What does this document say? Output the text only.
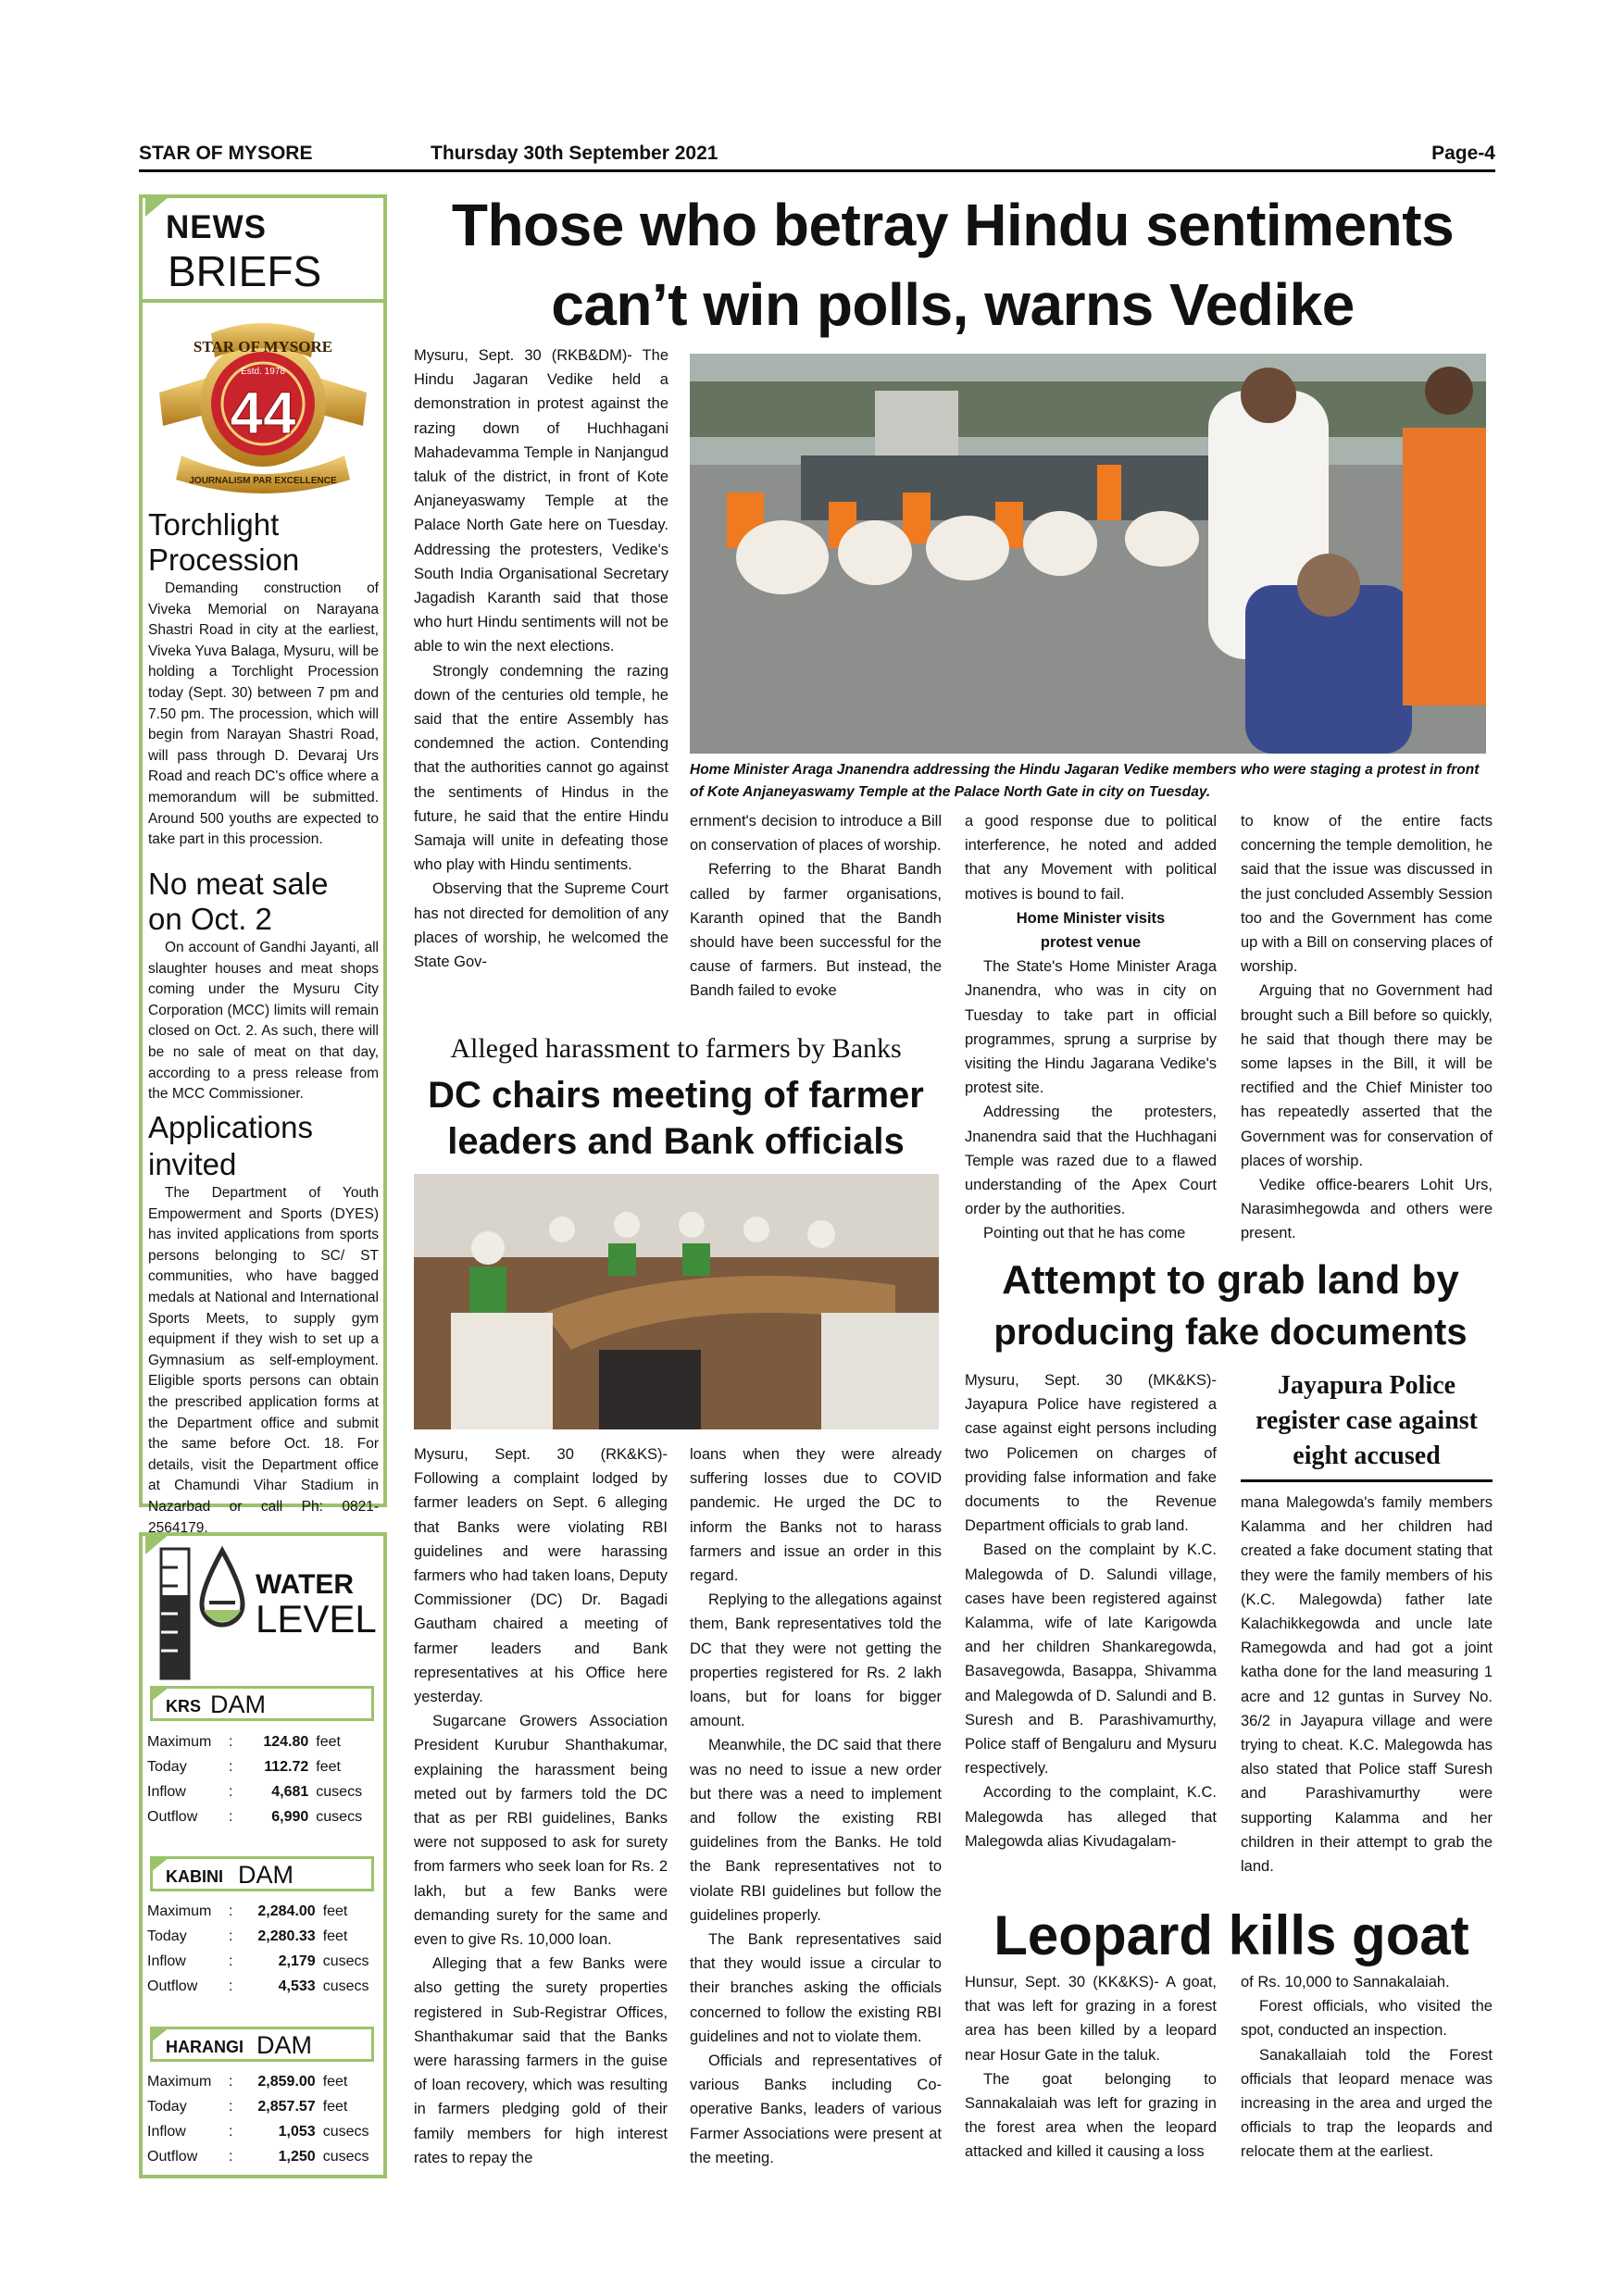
STAR OF MYSORE	Thursday 30th September 2021	Page-4
NEWS
BRIEFS
STAR OF MYSORE
Estd. 1978
44
JOURNALISM PAR EXCELLENCE

Torchlight

Procession

Demanding construction of Viveka Memorial on Narayana Shastri Road in city at the earliest, Viveka Yuva Balaga, Mysuru, will be holding a Torchlight Procession today (Sept. 30) between 7 pm and 7.50 pm. The procession, which will begin from Narayan Shastri Road, will pass through D. Devaraj Urs Road and reach DC's office where a memorandum will be submitted. Around 500 youths are expected to take part in this procession.

No meat sale

on Oct. 2

On account of Gandhi Jayanti, all slaughter houses and meat shops coming under the Mysuru City Corporation (MCC) limits will remain closed on Oct. 2. As such, there will be no sale of meat on that day, according to a press release from the MCC Commissioner.

Applications invited

The Department of Youth Empowerment and Sports (DYES) has invited applications from sports persons belonging to SC/ ST communities, who have bagged medals at National and International Sports Meets, to supply gym equipment if they wish to set up a Gymnasium as self-employment. Eligible sports persons can obtain the prescribed application forms at the Department office and submit the same before Oct. 18. For details, visit the Department office at Chamundi Vihar Stadium in Nazarbad or call Ph: 0821-2564179.

WATER
LEVEL
KRS DAM
KABINI DAM
HARANGI DAM
Maximum	:	124.80	feet
Today	:	112.72	feet
Inflow	:	4,681	cusecs
Outflow	:	6,990	cusecs
Maximum	:	2,284.00	feet
Today	:	2,280.33	feet
Inflow	:	2,179	cusecs
Outflow	:	4,533	cusecs
Maximum	:	2,859.00	feet
Today	:	2,857.57	feet
Inflow	:	1,053	cusecs
Outflow	:	1,250	cusecs
Those who betray Hindu sentiments
can’t win polls, warns Vedike

Mysuru, Sept. 30 (RKB&DM)- The Hindu Jagaran Vedike held a demonstration in protest against the razing down of Huchhagani Mahadevamma Temple in Nanjangud taluk of the district, in front of Kote Anjaneyaswamy Temple at the Palace North Gate here on Tuesday. Addressing the protesters, Vedike's South India Organisational Secretary Jagadish Karanth said that those who hurt Hindu sentiments will not be able to win the next elections.

Strongly condemning the razing down of the centuries old temple, he said that the entire Assembly has condemned the action. Contending that the authorities cannot go against the sentiments of Hindus in the future, he said that the entire Hindu Samaja will unite in defeating those who play with Hindu sentiments.

Observing that the Supreme Court has not directed for demolition of any places of worship, he welcomed the State Gov-

Home Minister Araga Jnanendra addressing the Hindu Jagaran Vedike members who were staging a protest in front of Kote Anjaneyaswamy Temple at the Palace North Gate in city on Tuesday.

ernment's decision to introduce a Bill on conservation of places of worship.

Referring to the Bharat Bandh called by farmer organisations, Karanth opined that the Bandh should have been successful for the cause of farmers. But instead, the Bandh failed to evoke

a good response due to political interference, he noted and added that any Movement with political motives is bound to fail.

Home Minister visits

protest venue

The State's Home Minister Araga Jnanendra, who was in city on Tuesday to take part in official programmes, sprung a surprise by visiting the Hindu Jagarana Vedike's protest site.

Addressing the protesters, Jnanendra said that the Huchhagani Temple was razed due to a flawed understanding of the Apex Court order by the authorities.

Pointing out that he has come

to know of the entire facts concerning the temple demolition, he said that the issue was discussed in the just concluded Assembly Session too and the Government has come up with a Bill on conserving places of worship.

Arguing that no Government had brought such a Bill before so quickly, he said that though there may be some lapses in the Bill, it will be rectified and the Chief Minister too has repeatedly asserted that the Government was for conservation of places of worship.

Vedike office-bearers Lohit Urs, Narasimhegowda and others were present.

Alleged harassment to farmers by Banks
DC chairs meeting of farmer
leaders and Bank officials

Mysuru, Sept. 30 (RK&KS)- Following a complaint lodged by farmer leaders on Sept. 6 alleging that Banks were violating RBI guidelines and were harassing farmers who had taken loans, Deputy Commissioner (DC) Dr. Bagadi Gautham chaired a meeting of farmer leaders and Bank representatives at his Office here yesterday.

Sugarcane Growers Association President Kurubur Shanthakumar, explaining the harassment being meted out by farmers told the DC that as per RBI guidelines, Banks were not supposed to ask for surety from farmers who seek loan for Rs. 2 lakh, but a few Banks were demanding surety for the same and even to give Rs. 10,000 loan.

Alleging that a few Banks were also getting the surety properties registered in Sub-Registrar Offices, Shanthakumar said that the Banks were harassing farmers in the guise of loan recovery, which was resulting in farmers pledging gold of their family members for high interest rates to repay the

loans when they were already suffering losses due to COVID pandemic. He urged the DC to inform the Banks not to harass farmers and issue an order in this regard.

Replying to the allegations against them, Bank representatives told the DC that they were not getting the properties registered for Rs. 2 lakh loans, but for loans for bigger amount.

Meanwhile, the DC said that there was no need to issue a new order but there was a need to implement and follow the existing RBI guidelines from the Banks. He told the Bank representatives not to violate RBI guidelines but follow the guidelines properly.

The Bank representatives said that they would issue a circular to their branches asking the officials concerned to follow the existing RBI guidelines and not to violate them.

Officials and representatives of various Banks including Co-operative Banks, leaders of various Farmer Associations were present at the meeting.

Attempt to grab land by
producing fake documents

Mysuru, Sept. 30 (MK&KS)- Jayapura Police have registered a case against eight persons including two Policemen on charges of providing false information and fake documents to the Revenue Department officials to grab land.

Based on the complaint by K.C. Malegowda of D. Salundi village, cases have been registered against Kalamma, wife of late Karigowda and her children Shankaregowda, Basavegowda, Basappa, Shivamma and Malegowda of D. Salundi and B. Suresh and B. Parashivamurthy, Police staff of Bengaluru and Mysuru respectively.

According to the complaint, K.C. Malegowda has alleged that Malegowda alias Kivudagalam-

Jayapura Police
register case against
eight accused

mana Malegowda's family members Kalamma and her children had created a fake document stating that they were the family members of his (K.C. Malegowda) father late Kalachikkegowda and uncle late Ramegowda and had got a joint katha done for the land measuring 1 acre and 12 guntas in Survey No. 36/2 in Jayapura village and were trying to cheat. K.C. Malegowda has also stated that Police staff Suresh and Parashivamurthy were supporting Kalamma and her children in their attempt to grab the land.

Leopard kills goat

Hunsur, Sept. 30 (KK&KS)- A goat, that was left for grazing in a forest area has been killed by a leopard near Hosur Gate in the taluk.

The goat belonging to Sannakalaiah was left for grazing in the forest area when the leopard attacked and killed it causing a loss

of Rs. 10,000 to Sannakalaiah.

Forest officials, who visited the spot, conducted an inspection.

Sanakallaiah told the Forest officials that leopard menace was increasing in the area and urged the officials to trap the leopards and relocate them at the earliest.
